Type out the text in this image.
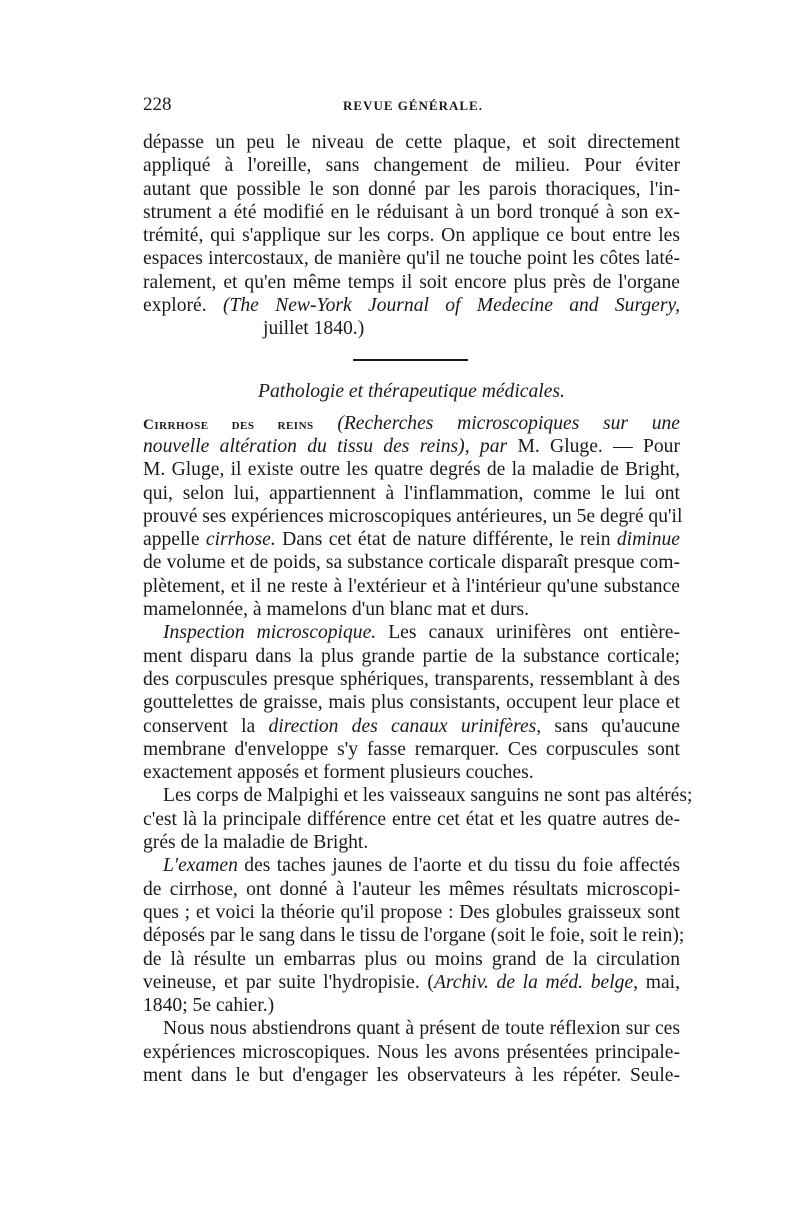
228	REVUE GÉNÉRALE.
dépasse un peu le niveau de cette plaque, et soit directement
appliqué à l'oreille, sans changement de milieu. Pour éviter
autant que possible le son donné par les parois thoraciques, l'in-
strument a été modifié en le réduisant à un bord tronqué à son ex-
trémité, qui s'applique sur les corps. On applique ce bout entre les
espaces intercostaux, de manière qu'il ne touche point les côtes laté-
ralement, et qu'en même temps il soit encore plus près de l'organe
exploré. (The New-York Journal of Medecine and Surgery,
juillet 1840.)
Pathologie et thérapeutique médicales.
Cirrhose des reins (Recherches microscopiques sur une
nouvelle altération du tissu des reins), par M. Gluge. — Pour
M. Gluge, il existe outre les quatre degrés de la maladie de Bright,
qui, selon lui, appartiennent à l'inflammation, comme le lui ont
prouvé ses expériences microscopiques antérieures, un 5e degré qu'il
appelle cirrhose. Dans cet état de nature différente, le rein diminue
de volume et de poids, sa substance corticale disparaît presque com-
plètement, et il ne reste à l'extérieur et à l'intérieur qu'une substance
mamelonnée, à mamelons d'un blanc mat et durs.
Inspection microscopique. Les canaux urinifères ont entière-
ment disparu dans la plus grande partie de la substance corticale;
des corpuscules presque sphériques, transparents, ressemblant à des
gouttelettes de graisse, mais plus consistants, occupent leur place et
conservent la direction des canaux urinifères, sans qu'aucune
membrane d'enveloppe s'y fasse remarquer. Ces corpuscules sont
exactement apposés et forment plusieurs couches.
Les corps de Malpighi et les vaisseaux sanguins ne sont pas altérés;
c'est là la principale différence entre cet état et les quatre autres de-
grés de la maladie de Bright.
L'examen des taches jaunes de l'aorte et du tissu du foie affectés
de cirrhose, ont donné à l'auteur les mêmes résultats microscopi-
ques ; et voici la théorie qu'il propose : Des globules graisseux sont
déposés par le sang dans le tissu de l'organe (soit le foie, soit le rein);
de là résulte un embarras plus ou moins grand de la circulation
veineuse, et par suite l'hydropisie. (Archiv. de la méd. belge, mai,
1840; 5e cahier.)
Nous nous abstiendrons quant à présent de toute réflexion sur ces
expériences microscopiques. Nous les avons présentées principale-
ment dans le but d'engager les observateurs à les répéter. Seule-
